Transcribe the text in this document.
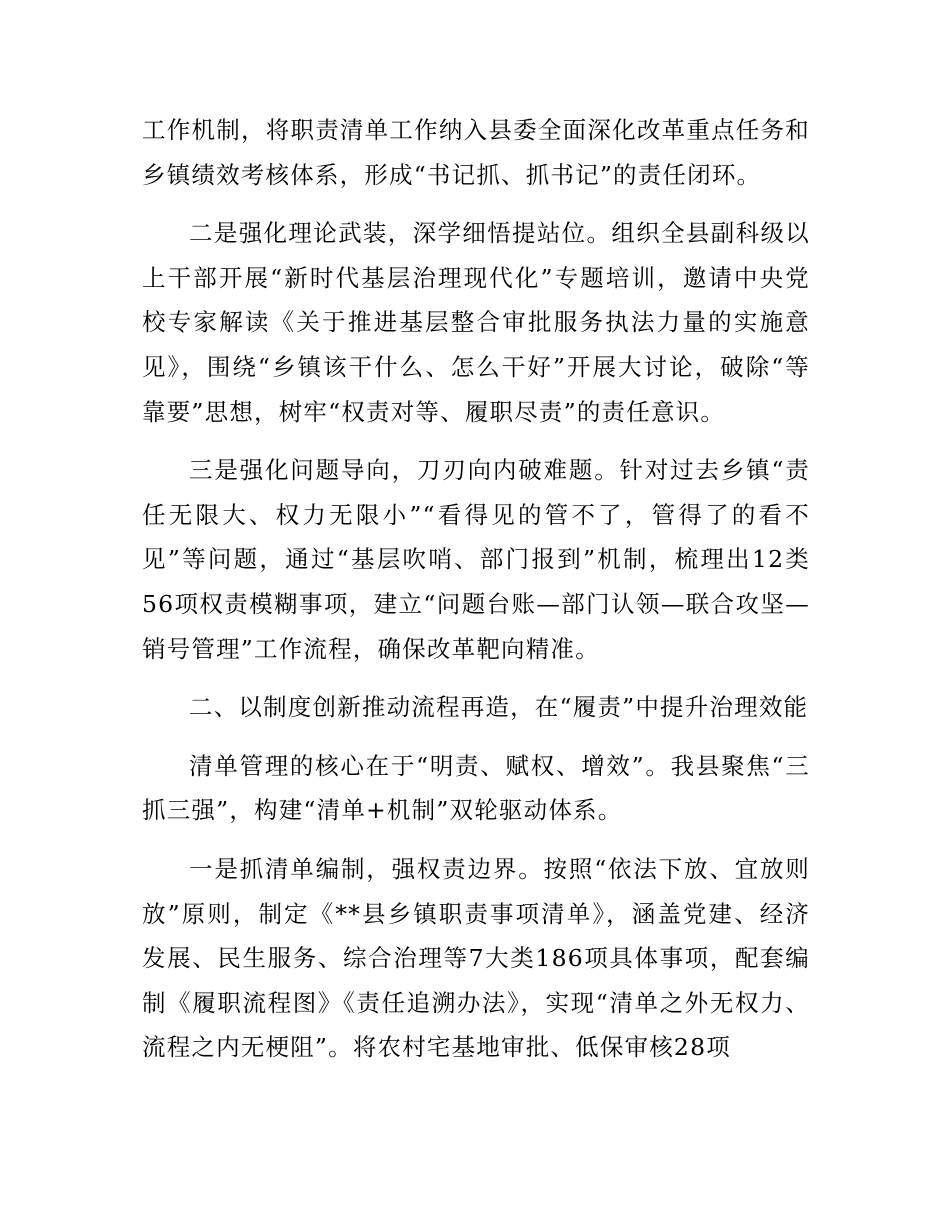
工作机制，将职责清单工作纳入县委全面深化改革重点任务和乡镇绩效考核体系，形成“书记抓、抓书记”的责任闭环。

二是强化理论武装，深学细悟提站位。组织全县副科级以上干部开展“新时代基层治理现代化”专题培训，邀请中央党校专家解读《关于推进基层整合审批服务执法力量的实施意见》，围绕“乡镇该干什么、怎么干好”开展大讨论，破除“等靠要”思想，树牢“权责对等、履职尽责”的责任意识。

三是强化问题导向，刀刃向内破难题。针对过去乡镇“责任无限大、权力无限小”“看得见的管不了，管得了的看不见”等问题，通过“基层吹哨、部门报到”机制，梳理出12类56项权责模糊事项，建立“问题台账—部门认领—联合攻坚—销号管理”工作流程，确保改革靶向精准。

二、以制度创新推动流程再造，在“履责”中提升治理效能

清单管理的核心在于“明责、赋权、增效”。我县聚焦“三抓三强”，构建“清单+机制”双轮驱动体系。

一是抓清单编制，强权责边界。按照“依法下放、宜放则放”原则，制定《**县乡镇职责事项清单》，涵盖党建、经济发展、民生服务、综合治理等7大类186项具体事项，配套编制《履职流程图》《责任追溯办法》，实现“清单之外无权力、流程之内无梗阻”。将农村宅基地审批、低保审核28项
